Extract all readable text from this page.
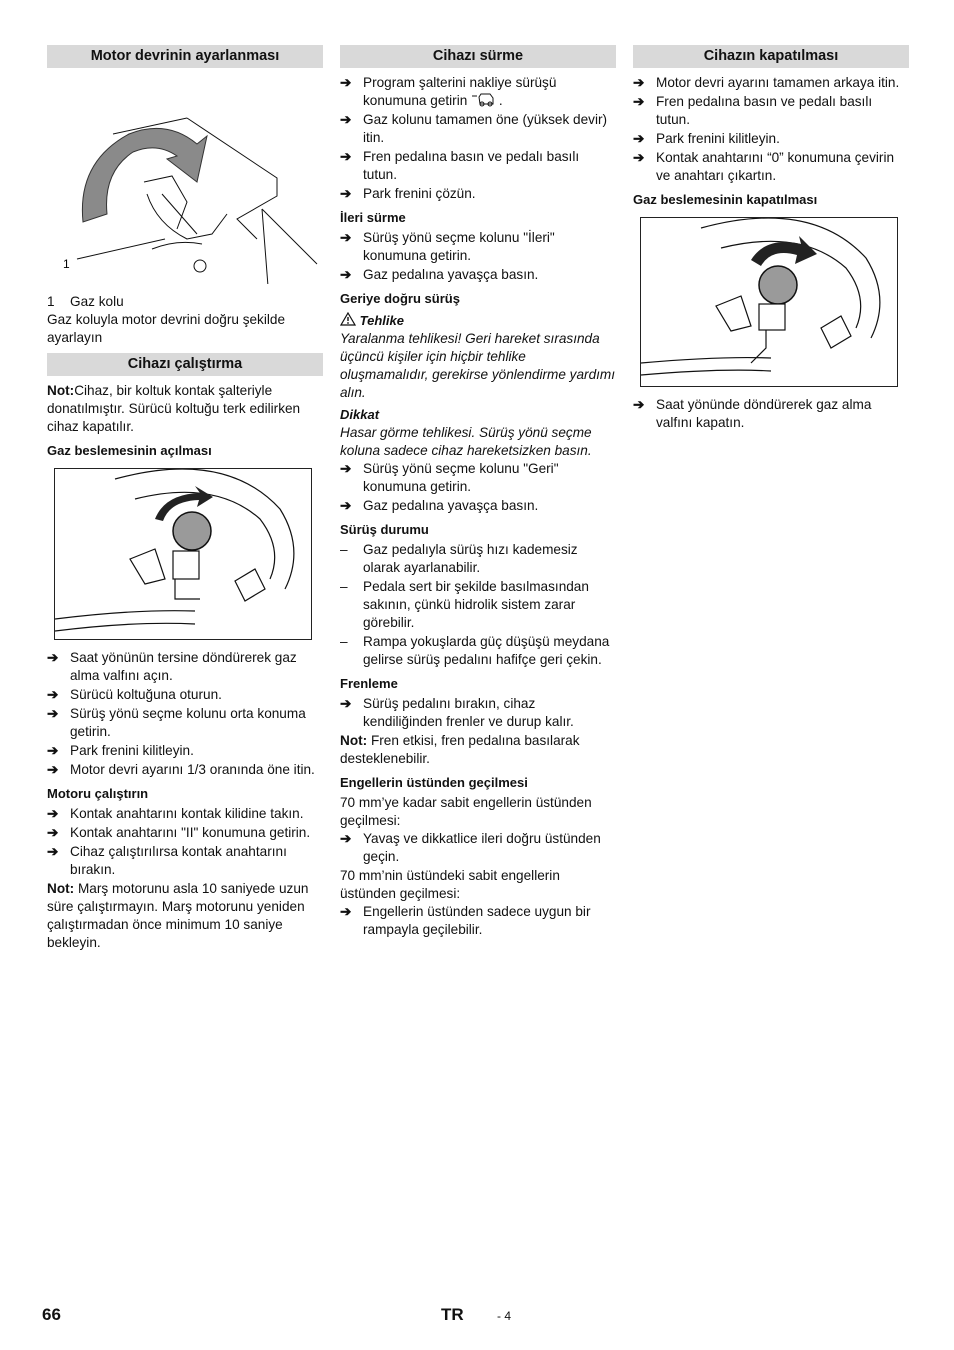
Motor devrinin ayarlanması
1
1 Gaz kolu

Gaz koluyla motor devrini doğru şekilde ayarlayın

Cihazı çalıştırma

Not:Cihaz, bir koltuk kontak şalteriyle donatılmıştır. Sürücü koltuğu terk edilirken cihaz kapatılır.

Gaz beslemesinin açılması
➔ Saat yönünün tersine döndürerek gaz alma valfını açın.
➔ Sürücü koltuğuna oturun.
➔ Sürüş yönü seçme kolunu orta konuma getirin.
➔ Park frenini kilitleyin.
➔ Motor devri ayarını 1/3 oranında öne itin.
Motoru çalıştırın
➔ Kontak anahtarını kontak kilidine takın.
➔ Kontak anahtarını "II" konumuna getirin.
➔ Cihaz çalıştırılırsa kontak anahtarını bırakın.

Not: Marş motorunu asla 10 saniyede uzun süre çalıştırmayın. Marş motorunu yeniden çalıştırmadan önce minimum 10 saniye bekleyin.

Cihazı sürme
➔ Program şalterini nakliye sürüşü konumuna getirin  .
➔ Gaz kolunu tamamen öne (yüksek devir) itin.
➔ Fren pedalına basın ve pedalı basılı tutun.
➔ Park frenini çözün.
İleri sürme
➔ Sürüş yönü seçme kolunu "İleri" konumuna getirin.
➔ Gaz pedalına yavaşça basın.
Geriye doğru sürüş
Tehlike

Yaralanma tehlikesi! Geri hareket sırasında üçüncü kişiler için hiçbir tehlike oluşmamalıdır, gerekirse yönlendirme yardımı alın.

Dikkat

Hasar görme tehlikesi. Sürüş yönü seçme koluna sadece cihaz hareketsizken basın.

➔ Sürüş yönü seçme kolunu "Geri" konumuna getirin.
➔ Gaz pedalına yavaşça basın.
Sürüş durumu
– Gaz pedalıyla sürüş hızı kademesiz olarak ayarlanabilir.
– Pedala sert bir şekilde basılmasından sakının, çünkü hidrolik sistem zarar görebilir.
– Rampa yokuşlarda güç düşüşü meydana gelirse sürüş pedalını hafifçe geri çekin.
Frenleme
➔ Sürüş pedalını bırakın, cihaz kendiliğinden frenler ve durup kalır.

Not: Fren etkisi, fren pedalına basılarak desteklenebilir.

Engellerin üstünden geçilmesi

70 mm’ye kadar sabit engellerin üstünden geçilmesi:

➔ Yavaş ve dikkatlice ileri doğru üstünden geçin.

70 mm’nin üstündeki sabit engellerin üstünden geçilmesi:

➔ Engellerin üstünden sadece uygun bir rampayla geçilebilir.
Cihazın kapatılması
➔ Motor devri ayarını tamamen arkaya itin.
➔ Fren pedalına basın ve pedalı basılı tutun.
➔ Park frenini kilitleyin.
➔ Kontak anahtarını “0” konumuna çevirin ve anahtarı çıkartın.
Gaz beslemesinin kapatılması
➔ Saat yönünde döndürerek gaz alma valfını kapatın.
66	TR	- 4
